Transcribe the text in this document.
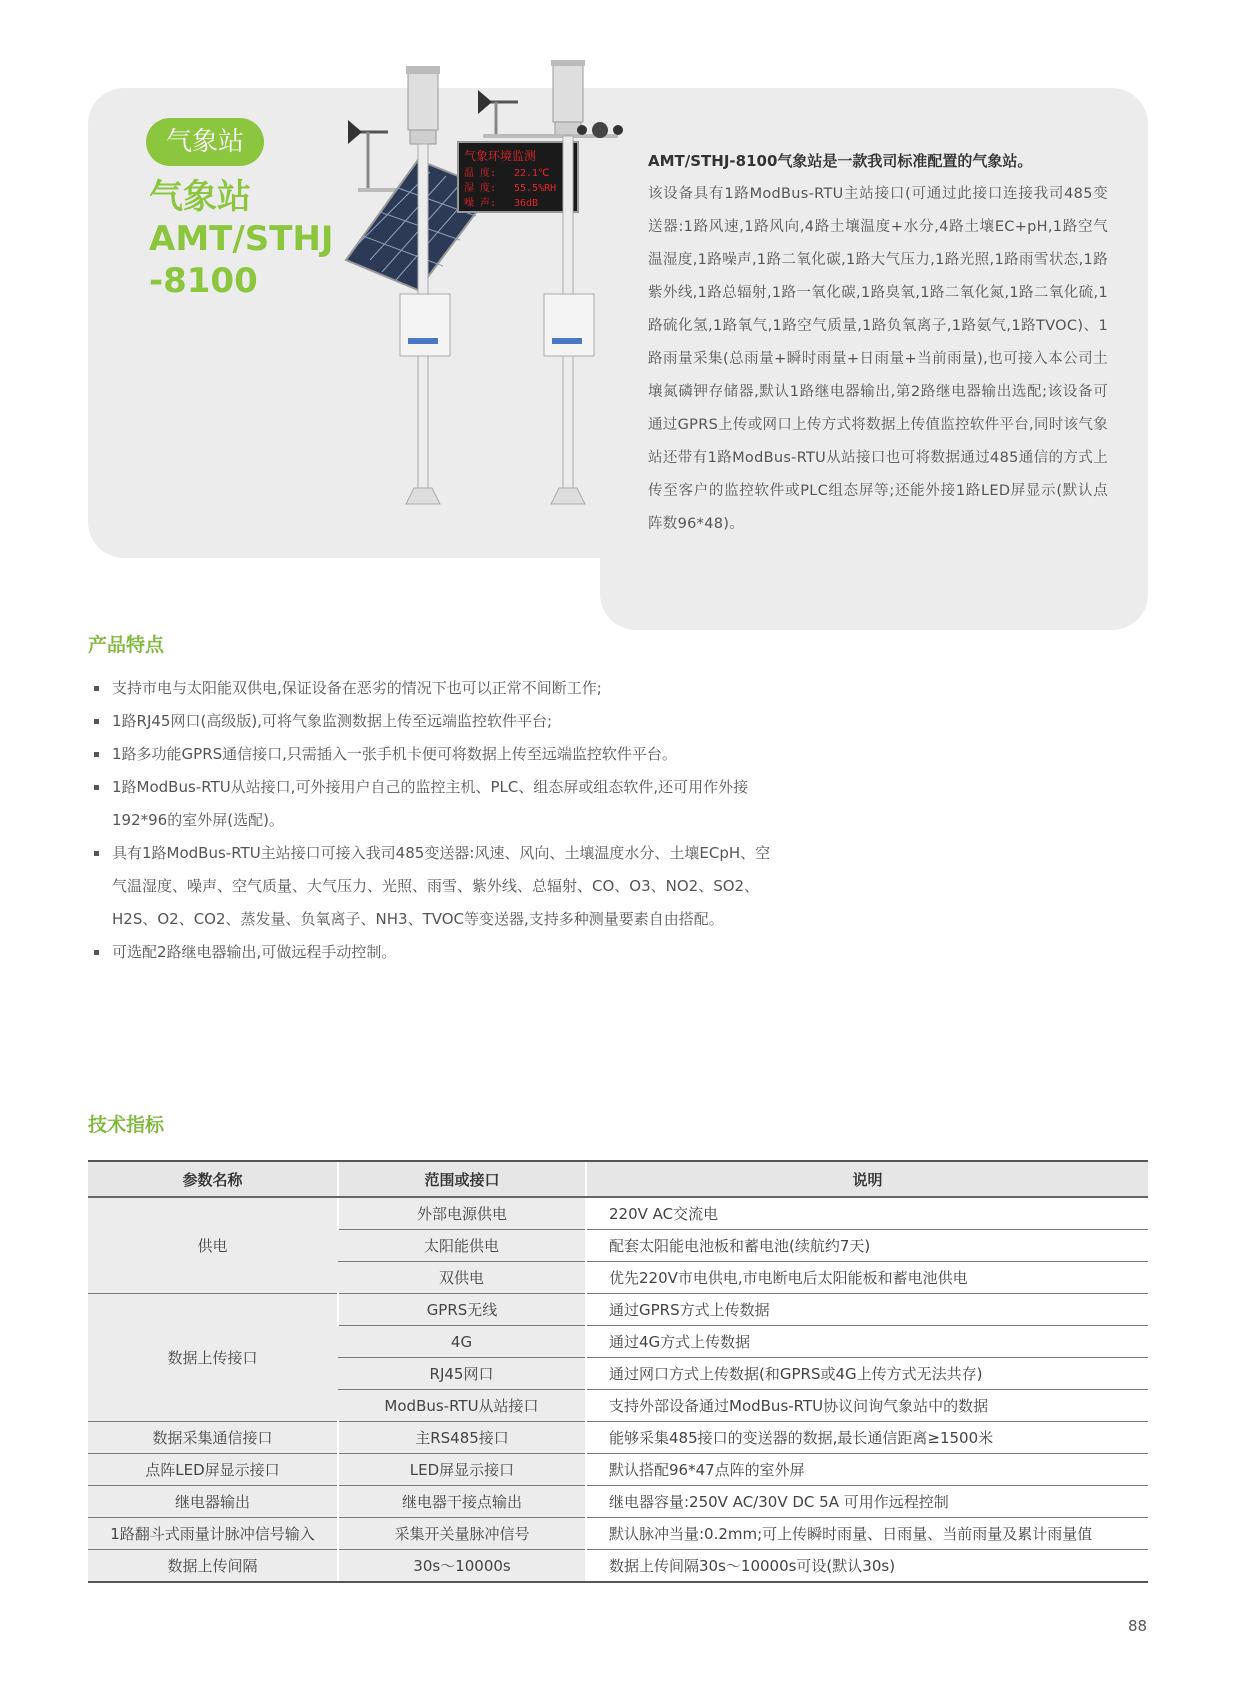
气象站
气象站
AMT/STHJ
-8100
气象环境监测
温 度: 22.1℃
湿 度: 55.5%RH
噪 声: 36dB
AMT/STHJ-8100气象站是一款我司标准配置的气象站。
该设备具有1路ModBus-RTU主站接口(可通过此接口连接我司485变送器:1路风速,1路风向,4路土壤温度+水分,4路土壤EC+pH,1路空气温湿度,1路噪声,1路二氧化碳,1路大气压力,1路光照,1路雨雪状态,1路紫外线,1路总辐射,1路一氧化碳,1路臭氧,1路二氧化氮,1路二氧化硫,1路硫化氢,1路氧气,1路空气质量,1路负氧离子,1路氨气,1路TVOC)、1路雨量采集(总雨量+瞬时雨量+日雨量+当前雨量),也可接入本公司土壤氮磷钾存储器,默认1路继电器输出,第2路继电器输出选配;该设备可通过GPRS上传或网口上传方式将数据上传值监控软件平台,同时该气象站还带有1路ModBus-RTU从站接口也可将数据通过485通信的方式上传至客户的监控软件或PLC组态屏等;还能外接1路LED屏显示(默认点阵数96*48)。
产品特点
支持市电与太阳能双供电,保证设备在恶劣的情况下也可以正常不间断工作;
1路RJ45网口(高级版),可将气象监测数据上传至远端监控软件平台;
1路多功能GPRS通信接口,只需插入一张手机卡便可将数据上传至远端监控软件平台。
1路ModBus-RTU从站接口,可外接用户自己的监控主机、PLC、组态屏或组态软件,还可用作外接192*96的室外屏(选配)。
具有1路ModBus-RTU主站接口可接入我司485变送器:风速、风向、土壤温度水分、土壤ECpH、空气温湿度、噪声、空气质量、大气压力、光照、雨雪、紫外线、总辐射、CO、O3、NO2、SO2、H2S、O2、CO2、蒸发量、负氧离子、NH3、TVOC等变送器,支持多种测量要素自由搭配。
可选配2路继电器输出,可做远程手动控制。
技术指标
参数名称	范围或接口	说明
供电	外部电源供电	220V AC交流电
	太阳能供电	配套太阳能电池板和蓄电池(续航约7天)
	双供电	优先220V市电供电,市电断电后太阳能板和蓄电池供电
数据上传接口	GPRS无线	通过GPRS方式上传数据
	4G	通过4G方式上传数据
	RJ45网口	通过网口方式上传数据(和GPRS或4G上传方式无法共存)
	ModBus-RTU从站接口	支持外部设备通过ModBus-RTU协议问询气象站中的数据
数据采集通信接口	主RS485接口	能够采集485接口的变送器的数据,最长通信距离≥1500米
点阵LED屏显示接口	LED屏显示接口	默认搭配96*47点阵的室外屏
继电器输出	继电器干接点输出	继电器容量:250V AC/30V DC 5A 可用作远程控制
1路翻斗式雨量计脉冲信号输入	采集开关量脉冲信号	默认脉冲当量:0.2mm;可上传瞬时雨量、日雨量、当前雨量及累计雨量值
数据上传间隔	30s～10000s	数据上传间隔30s～10000s可设(默认30s)
88
